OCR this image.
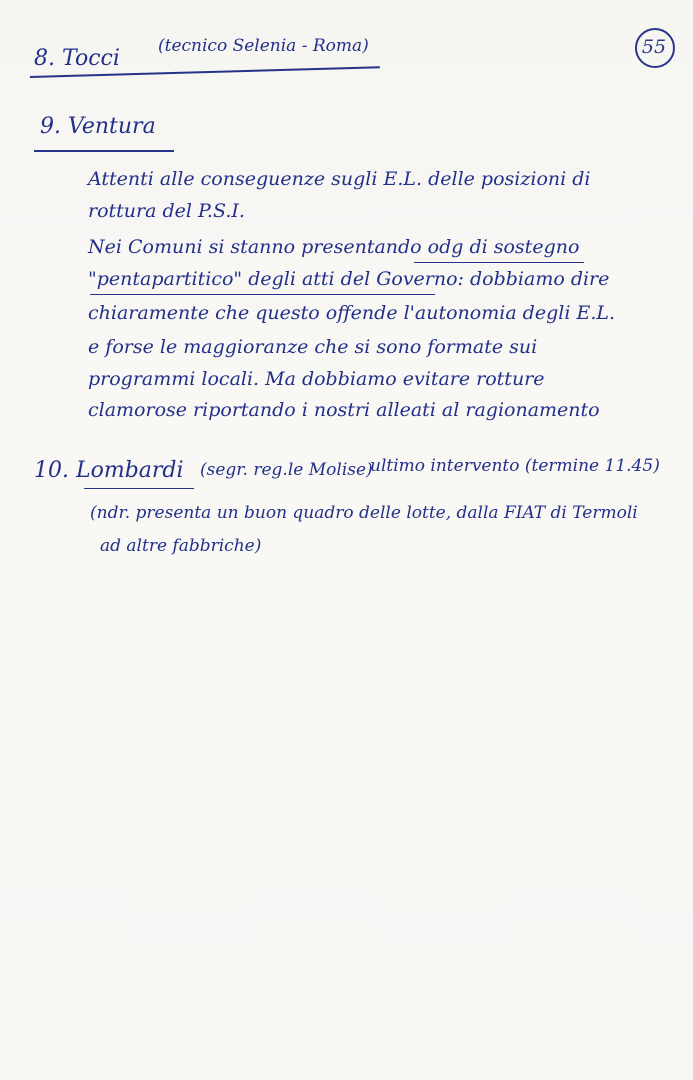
55
8. Tocci (tecnico Selenia - Roma)
9. Ventura
Attenti alle conseguenze sugli E.L. delle posizioni di
rottura del P.S.I.
Nei Comuni si stanno presentando odg di sostegno
"pentapartitico" degli atti del Governo: dobbiamo dire
chiaramente che questo offende l'autonomia degli E.L.
e forse le maggioranze che si sono formate sui
programmi locali. Ma dobbiamo evitare rotture
clamorose riportando i nostri alleati al ragionamento
10. Lombardi (segr. reg.le Molise)
ultimo intervento (termine 11.45)
(ndr. presenta un buon quadro delle lotte, dalla FIAT di Termoli
ad altre fabbriche)
